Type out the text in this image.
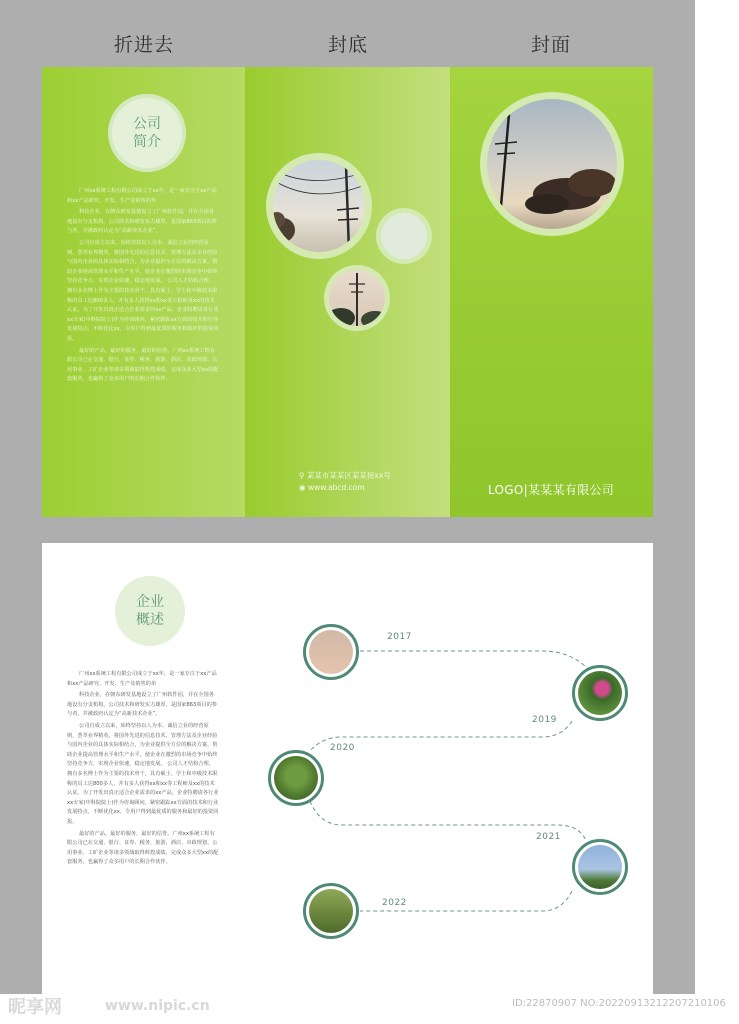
折进去	封底	封面
公司
简介

广州xx系统工程有限公司成立于xx年，是一家专注于xx产品和xx产品研究、开发、生产及销售的单

科技企业，在朝东研发基地设立了广州软件园，并在全国各地设有分支机构。公司技术和研发实力雄厚，是国家863项目的参与者，并被政府认定为“高新技术企业”。

公司自成立以来，始终坚持以人为本、诚信立业的经营原则，荟萃业界精英，将国外先进的信息技术、管理方法及企业经验与国内企业的具体实际相结合，为企业提供全方位的解决方案，帮助企业提高管理水平和生产水平，使企业在激烈的市场竞争中始终坚持竞争力，实现企业快速、稳定地发展。 公司人才结构合理，拥有多名博士作为主要的技术骨干，具有硕士、学士和中级技术职称的员工达800多人，并有多人获得xx和xx等工程师及xx的技术认证。为了开发出真正适合企业需求的xx产品，企业特聘请各行业xx专家(中科院院士)作为咨询顾问，紧密跟踪xx方面的技术和行业发展特点，不断优化xx，令用户得到最优质的服务和最好的投资回报。

最好的产品，最好的服务，最好的信誉。广州xx系统工程有限公司已在交通、银行、证券、税务、旅游、酒店、市政规划、公用事业、工矿企业等诸多领域取得辉煌成绩，完成众多大型xx的配套服务，也赢得了众多用户的长期合作伙伴。

⚲ 某某市某某区某某接xx号
◉ www.abcd.com	LOGO|某某某有限公司
企业
概述

广州xx系统工程有限公司成立于xx年，是一家专注于xx产品和xx产品研究、开发、生产及销售的单

科技企业，在朝东研发基地设立了广州软件园，并在全国各地设有分支机构。公司技术和研发实力雄厚，是国家863项目的参与者，并被政府认定为“高新技术企业”。

公司自成立以来，始终坚持以人为本、诚信立业的经营原则，荟萃业界精英，将国外先进的信息技术、管理方法及企业经验与国内企业的具体实际相结合，为企业提供全方位的解决方案，帮助企业提高管理水平和生产水平，使企业在激烈的市场竞争中始终坚持竞争力，实现企业快速、稳定地发展。 公司人才结构合理，拥有多名博士作为主要的技术骨干，具有硕士、学士和中级技术职称的员工达800多人，并有多人获得xx和xx等工程师及xx的技术认证。为了开发出真正适合企业需求的xx产品，企业特聘请各行业xx专家(中科院院士)作为咨询顾问，紧密跟踪xx方面的技术和行业发展特点，不断优化xx，令用户得到最优质的服务和最好的投资回报。

最好的产品，最好的服务，最好的信誉。广州xx系统工程有限公司已在交通、银行、证券、税务、旅游、酒店、市政规划、公用事业、工矿企业等诸多领域取得辉煌成绩，完成众多大型xx的配套服务，也赢得了众多用户的长期合作伙伴。

2017
2019
2020
2021
2022
昵享网	www.nipic.cn	ID:22870907 NO:20220913212207210106
